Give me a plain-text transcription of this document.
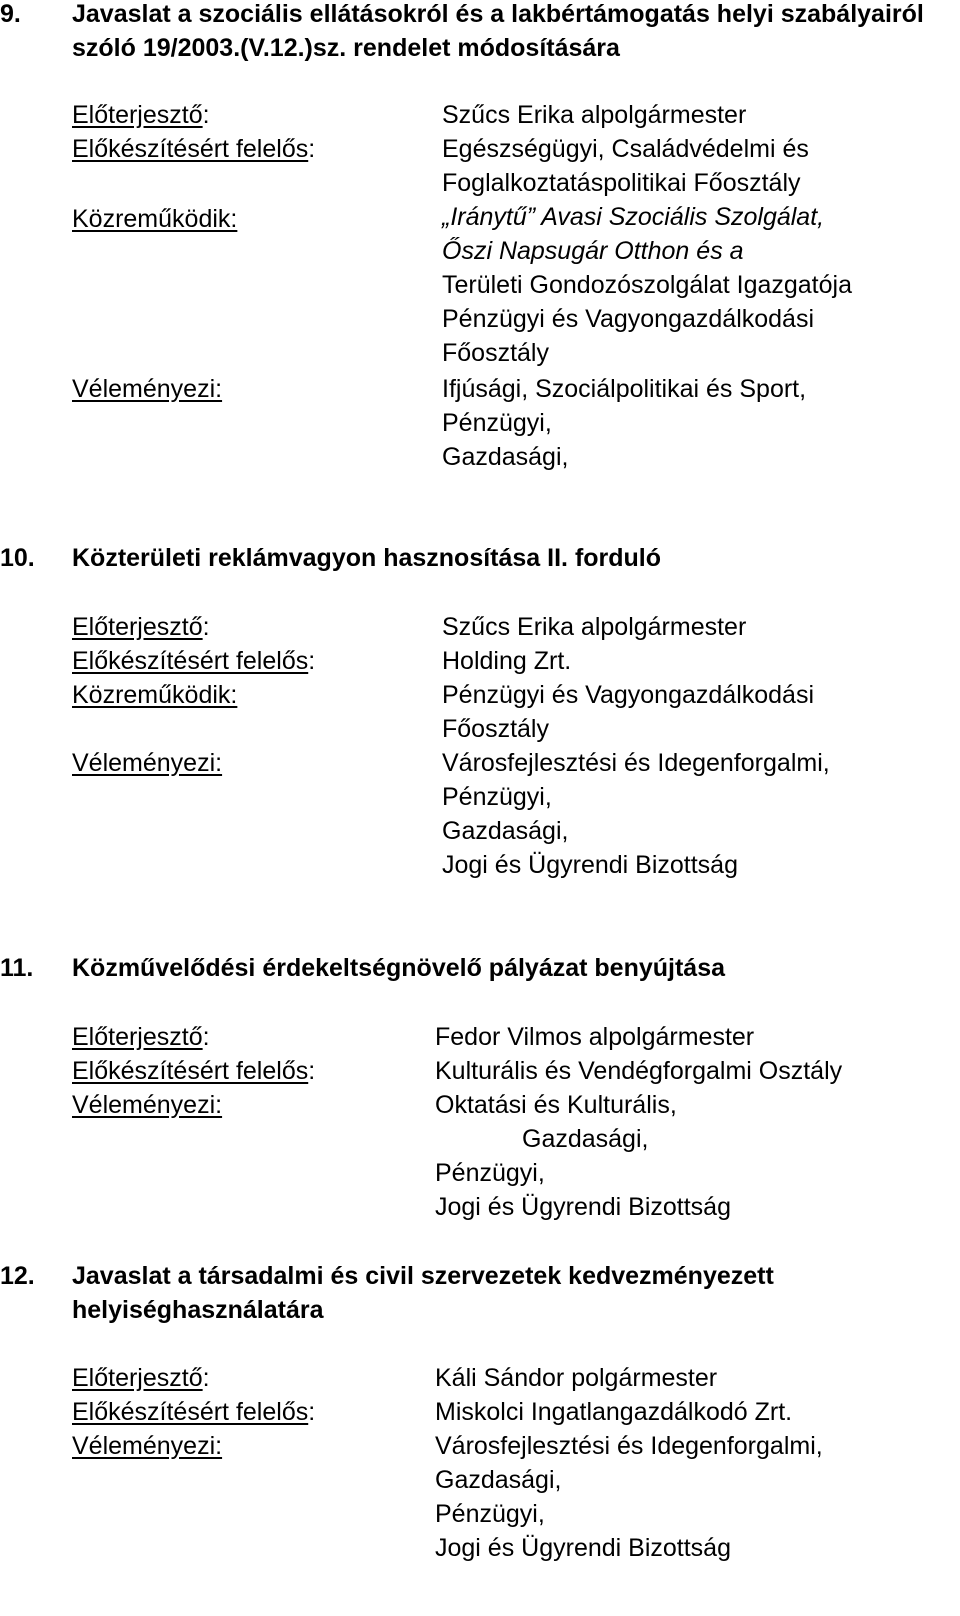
9. Javaslat a szociális ellátásokról és a lakbértámogatás helyi szabályairól szóló 19/2003.(V.12.)sz. rendelet módosítására
Előterjesztő:	Szűcs Erika alpolgármester
Előkészítésért felelős:	Egészségügyi, Családvédelmi és
Foglalkoztatáspolitikai Főosztály
Közreműködik:	„Iránytű” Avasi Szociális Szolgálat,
Őszi Napsugár Otthon és a
Területi Gondozószolgálat Igazgatója
Pénzügyi és Vagyongazdálkodási
Főosztály
Véleményezi:	Ifjúsági, Szociálpolitikai és Sport,
Pénzügyi,
Gazdasági,
10. Közterületi reklámvagyon hasznosítása II. forduló
Előterjesztő:	Szűcs Erika alpolgármester
Előkészítésért felelős:	Holding Zrt.
Közreműködik:	Pénzügyi és Vagyongazdálkodási
Főosztály
Véleményezi:	Városfejlesztési és Idegenforgalmi,
Pénzügyi,
Gazdasági,
Jogi és Ügyrendi Bizottság
11. Közművelődési érdekeltségnövelő pályázat benyújtása
Előterjesztő:	Fedor Vilmos alpolgármester
Előkészítésért felelős:	Kulturális és Vendégforgalmi Osztály
Véleményezi:	Oktatási és Kulturális,
Gazdasági,
Pénzügyi,
Jogi és Ügyrendi Bizottság
12. Javaslat a társadalmi és civil szervezetek kedvezményezett helyiséghasználatára
Előterjesztő:	Káli Sándor polgármester
Előkészítésért felelős:	Miskolci Ingatlangazdálkodó Zrt.
Véleményezi:	Városfejlesztési és Idegenforgalmi,
Gazdasági,
Pénzügyi,
Jogi és Ügyrendi Bizottság
